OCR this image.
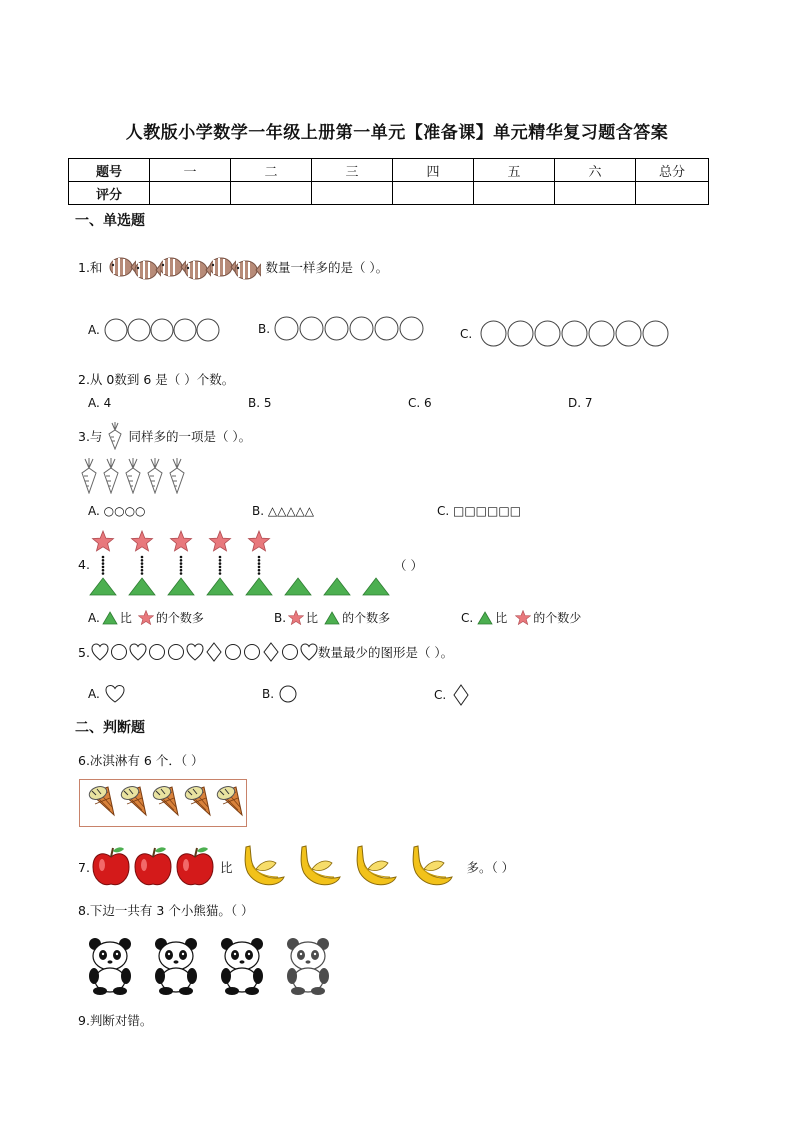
人教版小学数学一年级上册第一单元【准备课】单元精华复习题含答案
题号	一	二	三	四	五	六	总分
评分							
一、单选题
1.和	数量一样多的是（ ）。
A.	B.	C.
2.从 0数到 6 是（ ）个数。
A. 4	B. 5	C. 6	D. 7
3.与 同样多的一项是（ ）。
A. ○○○○	B. △△△△△	C. □□□□□□
4.	（ ）
A. 比 的个数多	B. 比 的个数多	C. 比 的个数少
5.	数量最少的图形是（ ）。
A.	B.	C.
二、判断题
6.冰淇淋有 6 个．（ ）
7.	比	多。（ ）
8.下边一共有 3 个小熊猫。（ ）
9.判断对错。
